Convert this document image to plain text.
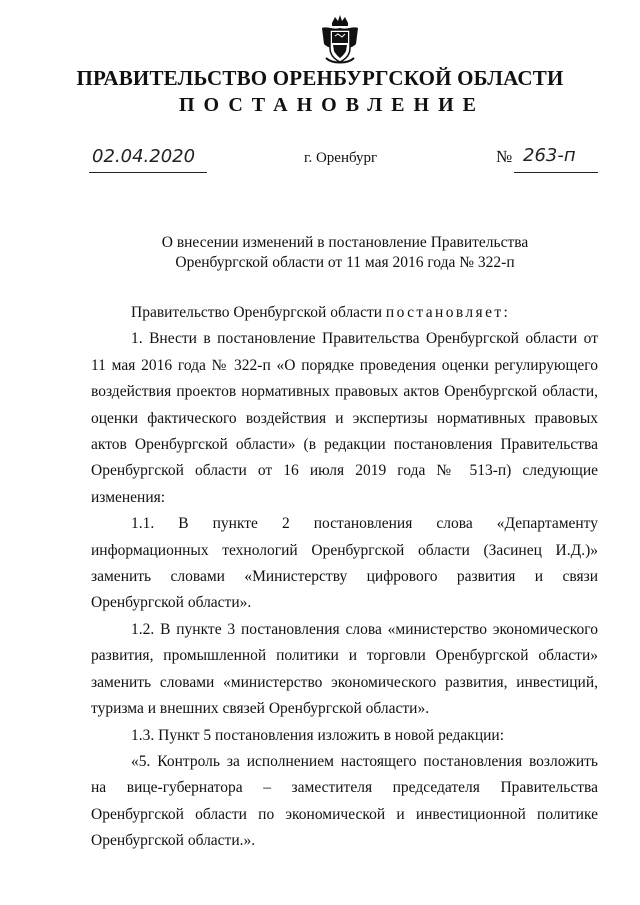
ПРАВИТЕЛЬСТВО ОРЕНБУРГСКОЙ ОБЛАСТИ
ПОСТАНОВЛЕНИЕ
02.04.2020	г. Оренбург	№ 263-п
О внесении изменений в постановление Правительства
Оренбургской области от 11 мая 2016 года № 322-п

Правительство Оренбургской области постановляет:

1. Внести в постановление Правительства Оренбургской области от 11 мая 2016 года № 322-п «О порядке проведения оценки регулирующего воздействия проектов нормативных правовых актов Оренбургской области, оценки фактического воздействия и экспертизы нормативных правовых актов Оренбургской области» (в редакции постановления Правительства Оренбургской области от 16 июля 2019 года № 513-п) следующие изменения:

1.1. В пункте 2 постановления слова «Департаменту информационных технологий Оренбургской области (Засинец И.Д.)» заменить словами «Министерству цифрового развития и связи Оренбургской области».

1.2. В пункте 3 постановления слова «министерство экономического развития, промышленной политики и торговли Оренбургской области» заменить словами «министерство экономического развития, инвестиций, туризма и внешних связей Оренбургской области».

1.3. Пункт 5 постановления изложить в новой редакции:

«5. Контроль за исполнением настоящего постановления возложить на вице-губернатора – заместителя председателя Правительства Оренбургской области по экономической и инвестиционной политике Оренбургской области.».
